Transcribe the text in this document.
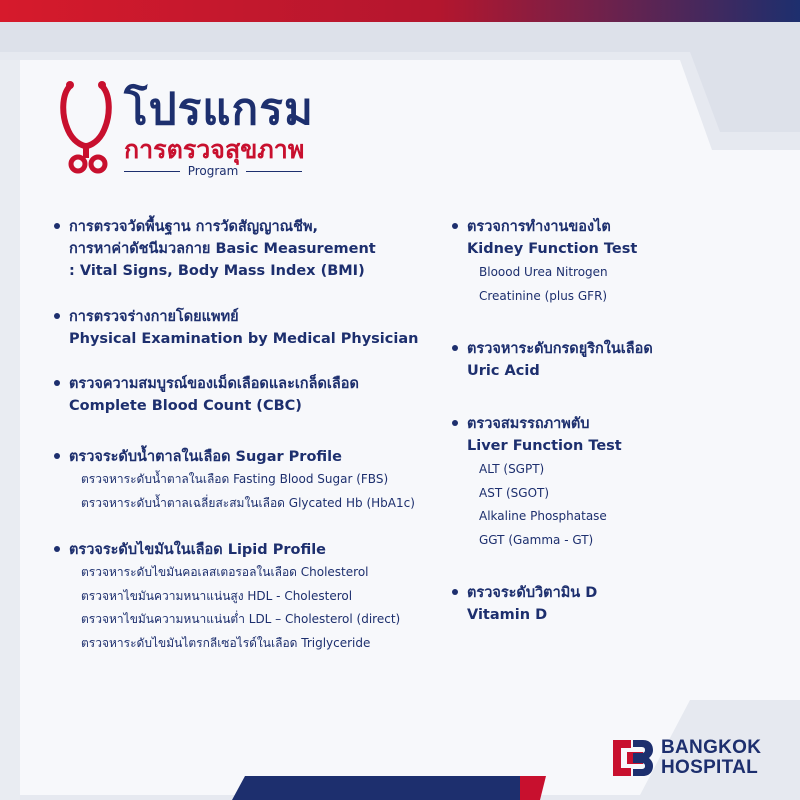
โปรแกรม
การตรวจสุขภาพ
Program
การตรวจวัดพื้นฐาน การวัดสัญญาณชีพ,
การหาค่าดัชนีมวลกาย Basic Measurement
: Vital Signs, Body Mass Index (BMI)
การตรวจร่างกายโดยแพทย์
Physical Examination by Medical Physician
ตรวจความสมบูรณ์ของเม็ดเลือดและเกล็ดเลือด
Complete Blood Count (CBC)
ตรวจระดับน้ำตาลในเลือด Sugar Profile
ตรวจหาระดับน้ำตาลในเลือด Fasting Blood Sugar (FBS)
ตรวจหาระดับน้ำตาลเฉลี่ยสะสมในเลือด Glycated Hb (HbA1c)
ตรวจระดับไขมันในเลือด Lipid Profile
ตรวจหาระดับไขมันคอเลสเตอรอลในเลือด Cholesterol
ตรวจหาไขมันความหนาแน่นสูง HDL - Cholesterol
ตรวจหาไขมันความหนาแน่นต่ำ LDL – Cholesterol (direct)
ตรวจหาระดับไขมันไตรกลีเซอไรด์ในเลือด Triglyceride
ตรวจการทำงานของไต
Kidney Function Test
Bloood Urea Nitrogen
Creatinine (plus GFR)
ตรวจหาระดับกรดยูริกในเลือด
Uric Acid
ตรวจสมรรถภาพตับ
Liver Function Test
ALT (SGPT)
AST (SGOT)
Alkaline Phosphatase
GGT (Gamma - GT)
ตรวจระดับวิตามิน D
Vitamin D
BANGKOK
HOSPITAL
